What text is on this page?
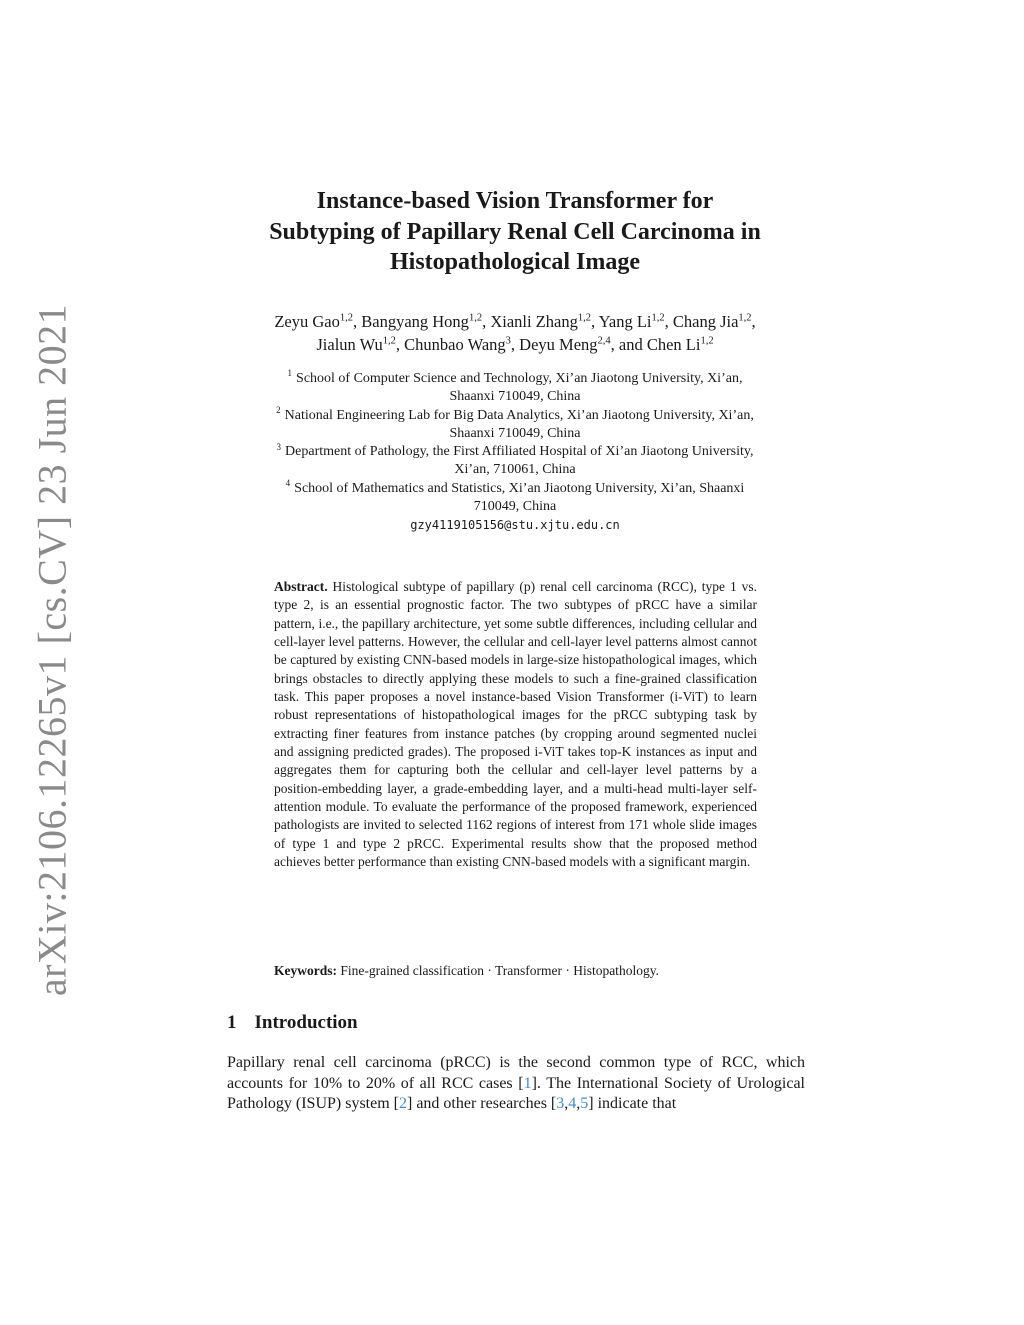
arXiv:2106.12265v1 [cs.CV] 23 Jun 2021
Instance-based Vision Transformer for
Subtyping of Papillary Renal Cell Carcinoma in
Histopathological Image
Zeyu Gao$^{1,2}$, Bangyang Hong$^{1,2}$, Xianli Zhang$^{1,2}$, Yang Li$^{1,2}$, Chang Jia$^{1,2}$,
Jialun Wu$^{1,2}$, Chunbao Wang$^3$, Deyu Meng$^{2,4}$, and Chen Li$^{1,2}$
$^1$ School of Computer Science and Technology, Xi’an Jiaotong University, Xi’an,
Shaanxi 710049, China
$^2$ National Engineering Lab for Big Data Analytics, Xi’an Jiaotong University, Xi’an,
Shaanxi 710049, China
$^3$ Department of Pathology, the First Affiliated Hospital of Xi’an Jiaotong University,
Xi’an, 710061, China
$^4$ School of Mathematics and Statistics, Xi’an Jiaotong University, Xi’an, Shaanxi
710049, China
gzy4119105156@stu.xjtu.edu.cn
Abstract. Histological subtype of papillary (p) renal cell carcinoma (RCC), type 1 vs. type 2, is an essential prognostic factor. The two subtypes of pRCC have a similar pattern, i.e., the papillary architecture, yet some subtle differences, including cellular and cell-layer level patterns. However, the cellular and cell-layer level patterns almost cannot be captured by existing CNN-based models in large-size histopathological images, which brings obstacles to directly applying these models to such a fine-grained classification task. This paper proposes a novel instance-based Vision Transformer (i-ViT) to learn robust representations of histopathological images for the pRCC subtyping task by extracting finer features from instance patches (by cropping around segmented nuclei and assigning predicted grades). The proposed i-ViT takes top-K instances as input and aggregates them for capturing both the cellular and cell-layer level patterns by a position-embedding layer, a grade-embedding layer, and a multi-head multi-layer self-attention module. To evaluate the performance of the proposed framework, experienced pathologists are invited to selected 1162 regions of interest from 171 whole slide images of type 1 and type 2 pRCC. Experimental results show that the proposed method achieves better performance than existing CNN-based models with a significant margin.
Keywords: Fine-grained classification · Transformer · Histopathology.
1 Introduction
Papillary renal cell carcinoma (pRCC) is the second common type of RCC, which accounts for 10% to 20% of all RCC cases [1]. The International Society of Urological Pathology (ISUP) system [2] and other researches [3,4,5] indicate that
